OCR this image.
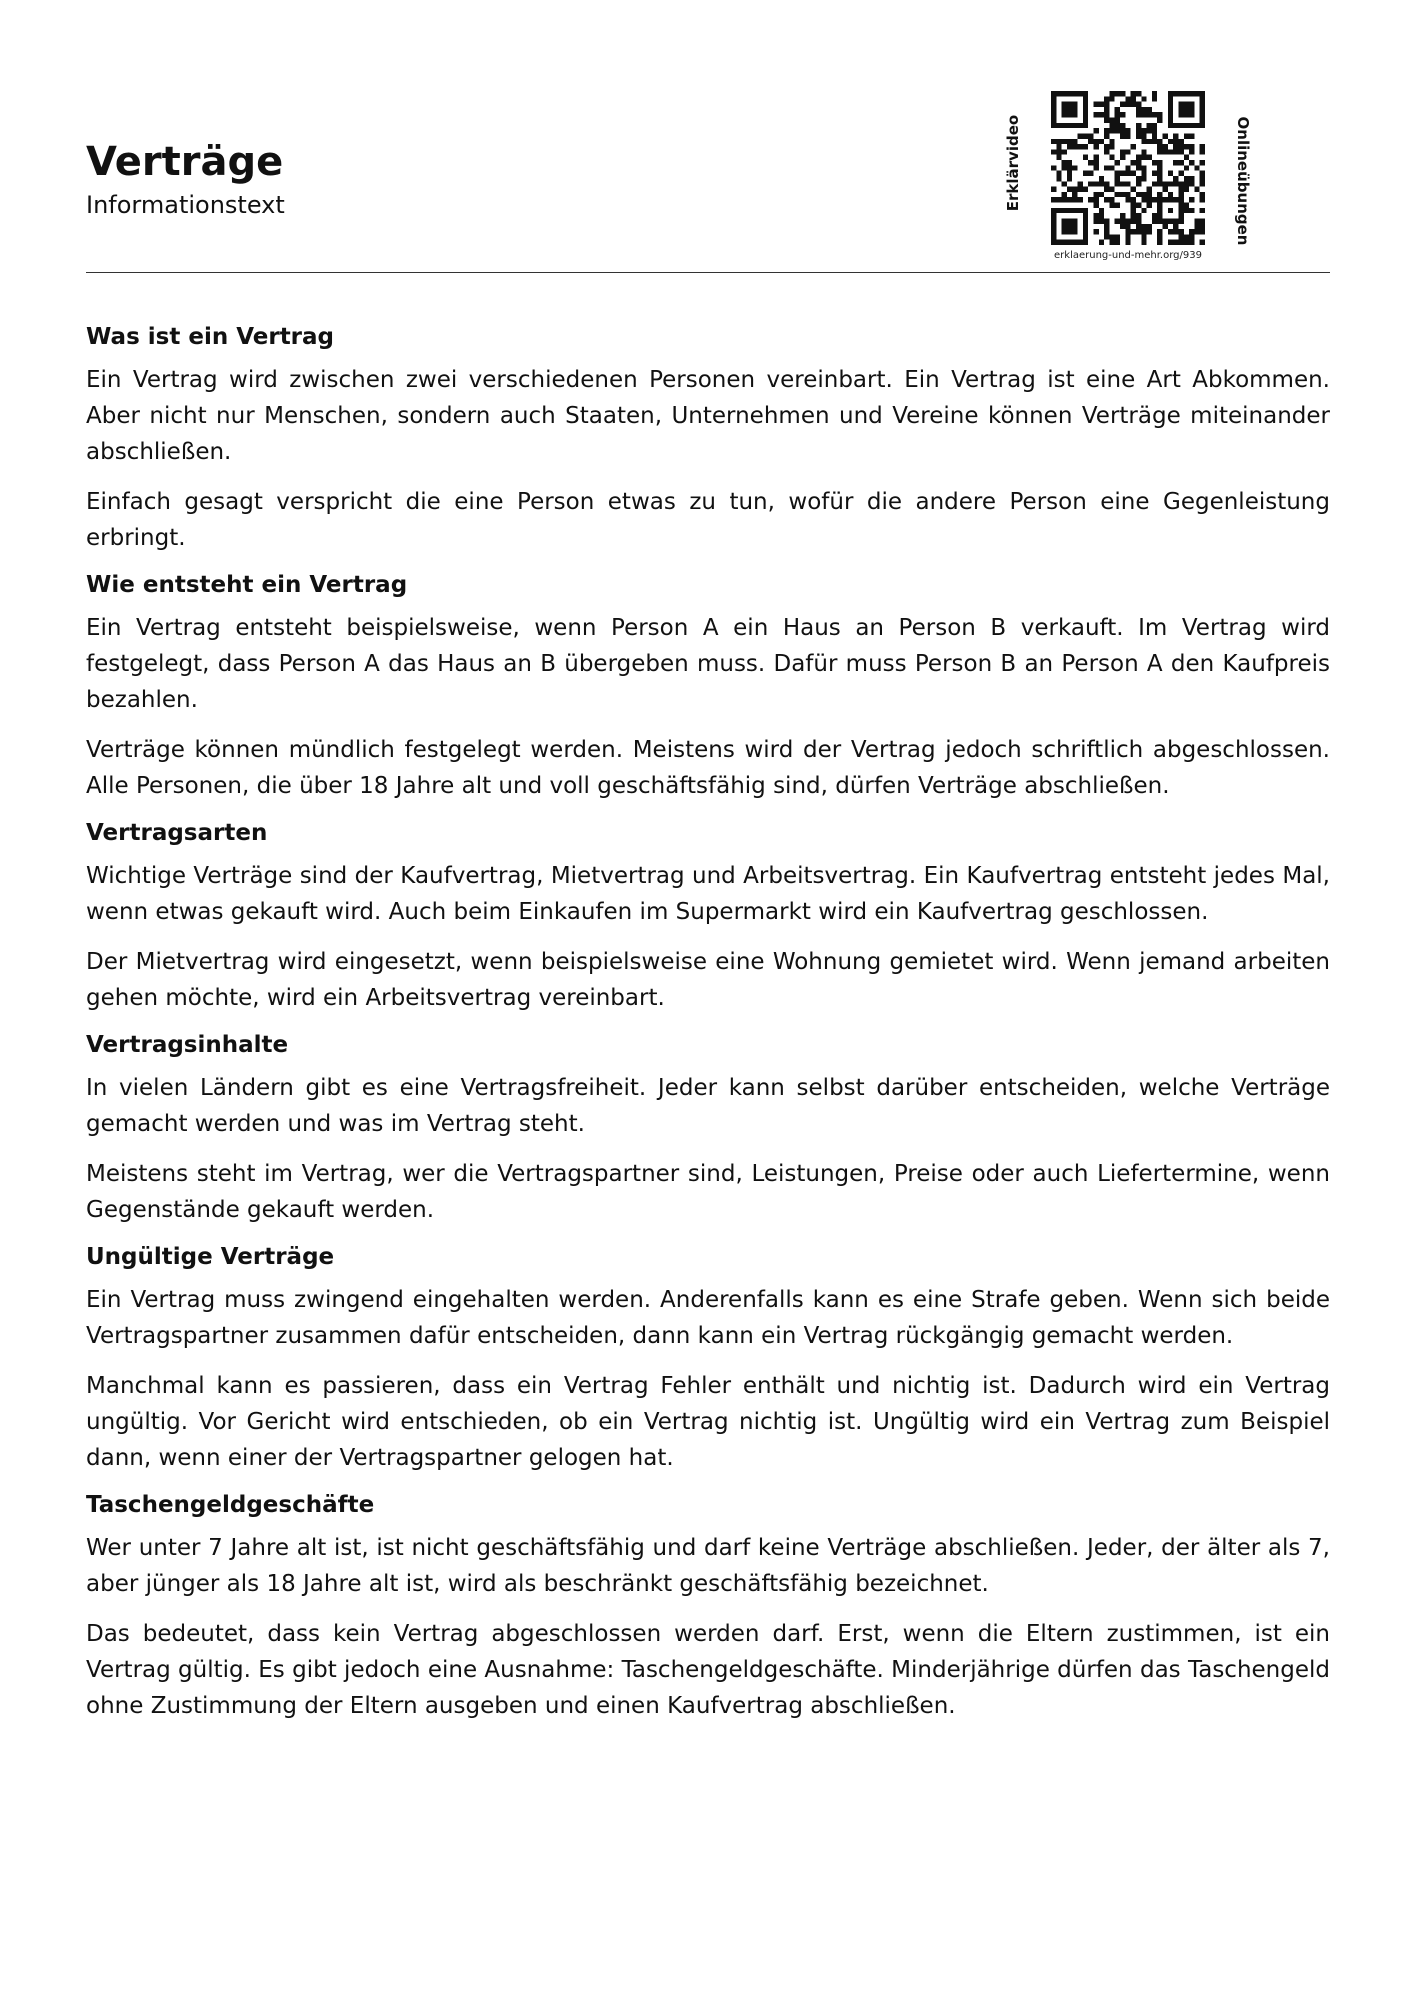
Verträge
Informationstext	Erklärvideo	Onlineübungen
erklaerung-und-mehr.org/939
Was ist ein Vertrag

Ein Vertrag wird zwischen zwei verschiedenen Personen vereinbart. Ein Vertrag ist eine Art Abkommen. Aber nicht nur Menschen, sondern auch Staaten, Unternehmen und Vereine können Verträge miteinander abschließen.

Einfach gesagt verspricht die eine Person etwas zu tun, wofür die andere Person eine Gegenleistung erbringt.

Wie entsteht ein Vertrag

Ein Vertrag entsteht beispielsweise, wenn Person A ein Haus an Person B verkauft. Im Vertrag wird festgelegt, dass Person A das Haus an B übergeben muss. Dafür muss Person B an Person A den Kaufpreis bezahlen.

Verträge können mündlich festgelegt werden. Meistens wird der Vertrag jedoch schriftlich abgeschlossen. Alle Personen, die über 18 Jahre alt und voll geschäftsfähig sind, dürfen Verträge abschließen.

Vertragsarten

Wichtige Verträge sind der Kaufvertrag, Mietvertrag und Arbeitsvertrag. Ein Kaufvertrag entsteht jedes Mal, wenn etwas gekauft wird. Auch beim Einkaufen im Supermarkt wird ein Kaufvertrag geschlossen.

Der Mietvertrag wird eingesetzt, wenn beispielsweise eine Wohnung gemietet wird. Wenn jemand arbeiten gehen möchte, wird ein Arbeitsvertrag vereinbart.

Vertragsinhalte

In vielen Ländern gibt es eine Vertragsfreiheit. Jeder kann selbst darüber entscheiden, welche Verträge gemacht werden und was im Vertrag steht.

Meistens steht im Vertrag, wer die Vertragspartner sind, Leistungen, Preise oder auch Liefertermine, wenn Gegenstände gekauft werden.

Ungültige Verträge

Ein Vertrag muss zwingend eingehalten werden. Anderenfalls kann es eine Strafe geben. Wenn sich beide Vertragspartner zusammen dafür entscheiden, dann kann ein Vertrag rückgängig gemacht werden.

Manchmal kann es passieren, dass ein Vertrag Fehler enthält und nichtig ist. Dadurch wird ein Vertrag ungültig. Vor Gericht wird entschieden, ob ein Vertrag nichtig ist. Ungültig wird ein Vertrag zum Beispiel dann, wenn einer der Vertragspartner gelogen hat.

Taschengeldgeschäfte

Wer unter 7 Jahre alt ist, ist nicht geschäftsfähig und darf keine Verträge abschließen. Jeder, der älter als 7, aber jünger als 18 Jahre alt ist, wird als beschränkt geschäftsfähig bezeichnet.

Das bedeutet, dass kein Vertrag abgeschlossen werden darf. Erst, wenn die Eltern zustimmen, ist ein Vertrag gültig. Es gibt jedoch eine Ausnahme: Taschengeldgeschäfte. Minderjährige dürfen das Taschengeld ohne Zustimmung der Eltern ausgeben und einen Kaufvertrag abschließen.
